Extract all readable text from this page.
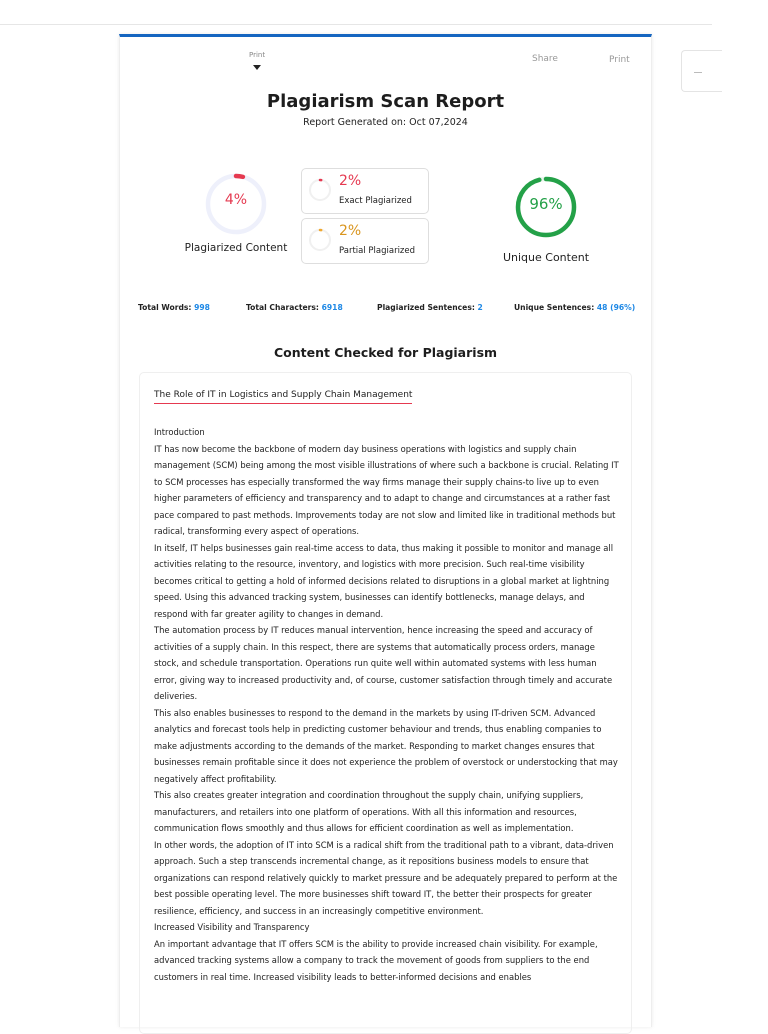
Print	Share	Print
Plagiarism Scan Report
Report Generated on: Oct 07,2024
4%
Plagiarized Content
2%
Exact Plagiarized
2%
Partial Plagiarized
96%
Unique Content
Total Words: 998	Total Characters: 6918	Plagiarized Sentences: 2	Unique Sentences: 48 (96%)
Content Checked for Plagiarism
The Role of IT in Logistics and Supply Chain Management

Introduction

IT has now become the backbone of modern day business operations with logistics and supply chain management (SCM) being among the most visible illustrations of where such a backbone is crucial. Relating IT to SCM processes has especially transformed the way firms manage their supply chains-to live up to even higher parameters of efficiency and transparency and to adapt to change and circumstances at a rather fast pace compared to past methods. Improvements today are not slow and limited like in traditional methods but radical, transforming every aspect of operations.

In itself, IT helps businesses gain real-time access to data, thus making it possible to monitor and manage all activities relating to the resource, inventory, and logistics with more precision. Such real-time visibility becomes critical to getting a hold of informed decisions related to disruptions in a global market at lightning speed. Using this advanced tracking system, businesses can identify bottlenecks, manage delays, and respond with far greater agility to changes in demand.

The automation process by IT reduces manual intervention, hence increasing the speed and accuracy of activities of a supply chain. In this respect, there are systems that automatically process orders, manage stock, and schedule transportation. Operations run quite well within automated systems with less human error, giving way to increased productivity and, of course, customer satisfaction through timely and accurate deliveries.

This also enables businesses to respond to the demand in the markets by using IT-driven SCM. Advanced analytics and forecast tools help in predicting customer behaviour and trends, thus enabling companies to make adjustments according to the demands of the market. Responding to market changes ensures that businesses remain profitable since it does not experience the problem of overstock or understocking that may negatively affect profitability.

This also creates greater integration and coordination throughout the supply chain, unifying suppliers, manufacturers, and retailers into one platform of operations. With all this information and resources, communication flows smoothly and thus allows for efficient coordination as well as implementation.

In other words, the adoption of IT into SCM is a radical shift from the traditional path to a vibrant, data-driven approach. Such a step transcends incremental change, as it repositions business models to ensure that organizations can respond relatively quickly to market pressure and be adequately prepared to perform at the best possible operating level. The more businesses shift toward IT, the better their prospects for greater resilience, efficiency, and success in an increasingly competitive environment.

Increased Visibility and Transparency

An important advantage that IT offers SCM is the ability to provide increased chain visibility. For example, advanced tracking systems allow a company to track the movement of goods from suppliers to the end customers in real time. Increased visibility leads to better-informed decisions and enables
